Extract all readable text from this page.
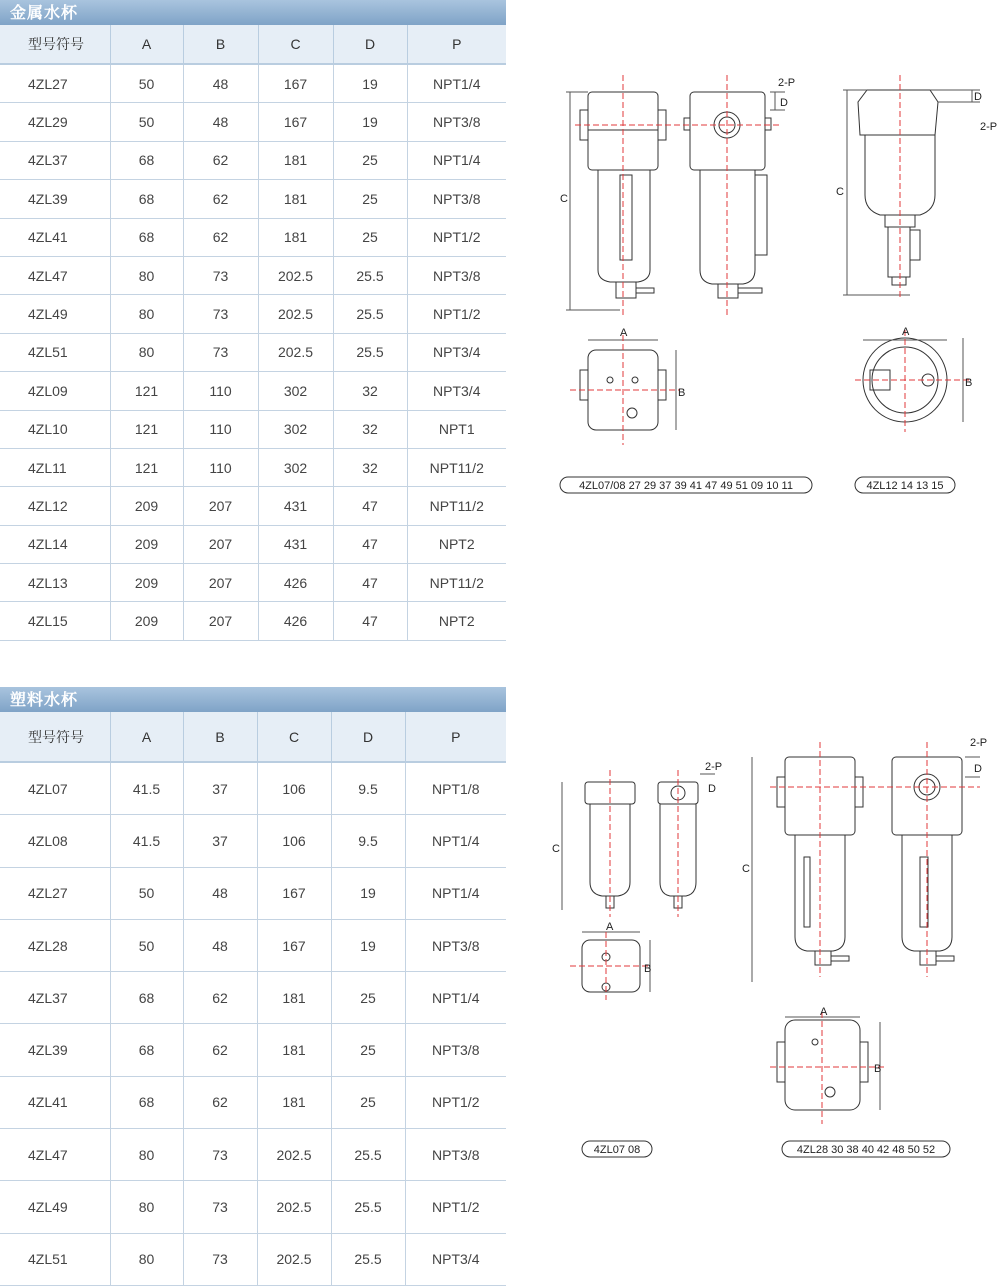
金属水杯
型号符号	A	B	C	D	P
4ZL27	50	48	167	19	NPT1/4
4ZL29	50	48	167	19	NPT3/8
4ZL37	68	62	181	25	NPT1/4
4ZL39	68	62	181	25	NPT3/8
4ZL41	68	62	181	25	NPT1/2
4ZL47	80	73	202.5	25.5	NPT3/8
4ZL49	80	73	202.5	25.5	NPT1/2
4ZL51	80	73	202.5	25.5	NPT3/4
4ZL09	121	110	302	32	NPT3/4
4ZL10	121	110	302	32	NPT1
4ZL11	121	110	302	32	NPT11/2
4ZL12	209	207	431	47	NPT11/2
4ZL14	209	207	431	47	NPT2
4ZL13	209	207	426	47	NPT11/2
4ZL15	209	207	426	47	NPT2
塑料水杯
型号符号	A	B	C	D	P
4ZL07	41.5	37	106	9.5	NPT1/8
4ZL08	41.5	37	106	9.5	NPT1/4
4ZL27	50	48	167	19	NPT1/4
4ZL28	50	48	167	19	NPT3/8
4ZL37	68	62	181	25	NPT1/4
4ZL39	68	62	181	25	NPT3/8
4ZL41	68	62	181	25	NPT1/2
4ZL47	80	73	202.5	25.5	NPT3/8
4ZL49	80	73	202.5	25.5	NPT1/2
4ZL51	80	73	202.5	25.5	NPT3/4
C
C
2-P
D
2-P
D
A
B
A
B
4ZL07/08 27 29 37 39 41 47 49 51 09 10 11	4ZL12 14 13 15
C
C
2-P
D
2-P
D
A
B
A
B
4ZL07 08	4ZL28 30 38 40 42 48 50 52
